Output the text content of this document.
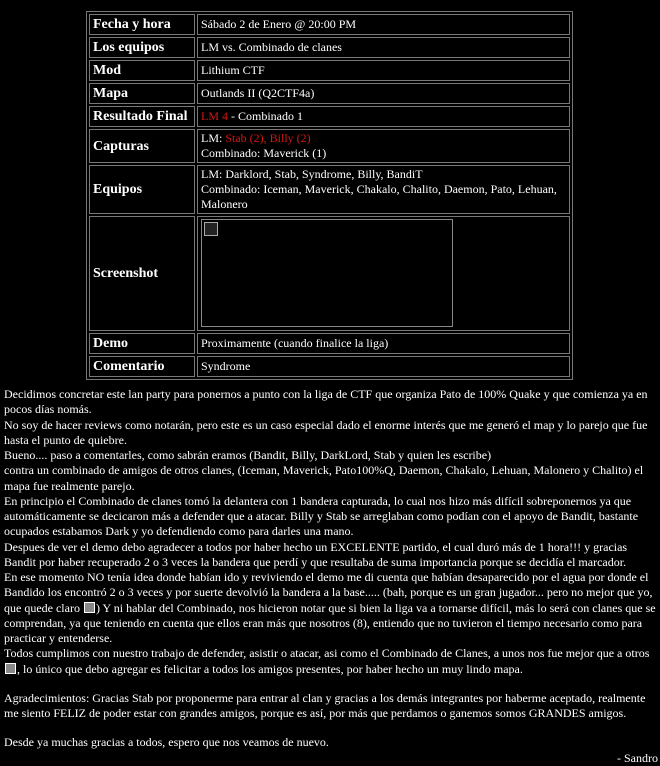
Fecha y hora	Sábado 2 de Enero @ 20:00 PM
Los equipos	LM vs. Combinado de clanes
Mod	Lithium CTF
Mapa	Outlands II (Q2CTF4a)
Resultado Final	LM 4 - Combinado 1
Capturas	LM: Stab (2), Billy (2)
Combinado: Maverick (1)
Equipos	LM: Darklord, Stab, Syndrome, Billy, BandiT
Combinado: Iceman, Maverick, Chakalo, Chalito, Daemon, Pato, Lehuan, Malonero
Screenshot	

Demo	Proximamente (cuando finalice la liga)
Comentario	Syndrome

Decidimos concretar este lan party para ponernos a punto con la liga de CTF que organiza Pato de 100% Quake y que comienza ya en pocos días nomás.

No soy de hacer reviews como notarán, pero este es un caso especial dado el enorme interés que me generó el map y lo parejo que fue hasta el punto de quiebre.

Bueno.... paso a comentarles, como sabrán eramos (Bandit, Billy, DarkLord, Stab y quien les escribe)

contra un combinado de amigos de otros clanes, (Iceman, Maverick, Pato100%Q, Daemon, Chakalo, Lehuan, Malonero y Chalito) el mapa fue realmente parejo.

En principio el Combinado de clanes tomó la delantera con 1 bandera capturada, lo cual nos hizo más difícil sobreponernos ya que automáticamente se decicaron más a defender que a atacar. Billy y Stab se arreglaban como podían con el apoyo de Bandit, bastante ocupados estabamos Dark y yo defendiendo como para darles una mano.

Despues de ver el demo debo agradecer a todos por haber hecho un EXCELENTE partido, el cual duró más de 1 hora!!! y gracias Bandit por haber recuperado 2 o 3 veces la bandera que perdí y que resultaba de suma importancia porque se decidía el marcador.

En ese momento NO tenía idea donde habían ido y reviviendo el demo me di cuenta que habían desaparecido por el agua por donde el Bandido los encontró 2 o 3 veces y por suerte devolvió la bandera a la base..... (bah, porque es un gran jugador... pero no mejor que yo, que quede claro ) Y ni hablar del Combinado, nos hicieron notar que si bien la liga va a tornarse difícil, más lo será con clanes que se comprendan, ya que teniendo en cuenta que ellos eran más que nosotros (8), entiendo que no tuvieron el tiempo necesario como para practicar y entenderse.

Todos cumplimos con nuestro trabajo de defender, asistir o atacar, asi como el Combinado de Clanes, a unos nos fue mejor que a otros , lo único que debo agregar es felicitar a todos los amigos presentes, por haber hecho un muy lindo mapa.

Agradecimientos: Gracias Stab por proponerme para entrar al clan y gracias a los demás integrantes por haberme aceptado, realmente me siento FELIZ de poder estar con grandes amigos, porque es así, por más que perdamos o ganemos somos GRANDES amigos.

Desde ya muchas gracias a todos, espero que nos veamos de nuevo.

- Sandro
